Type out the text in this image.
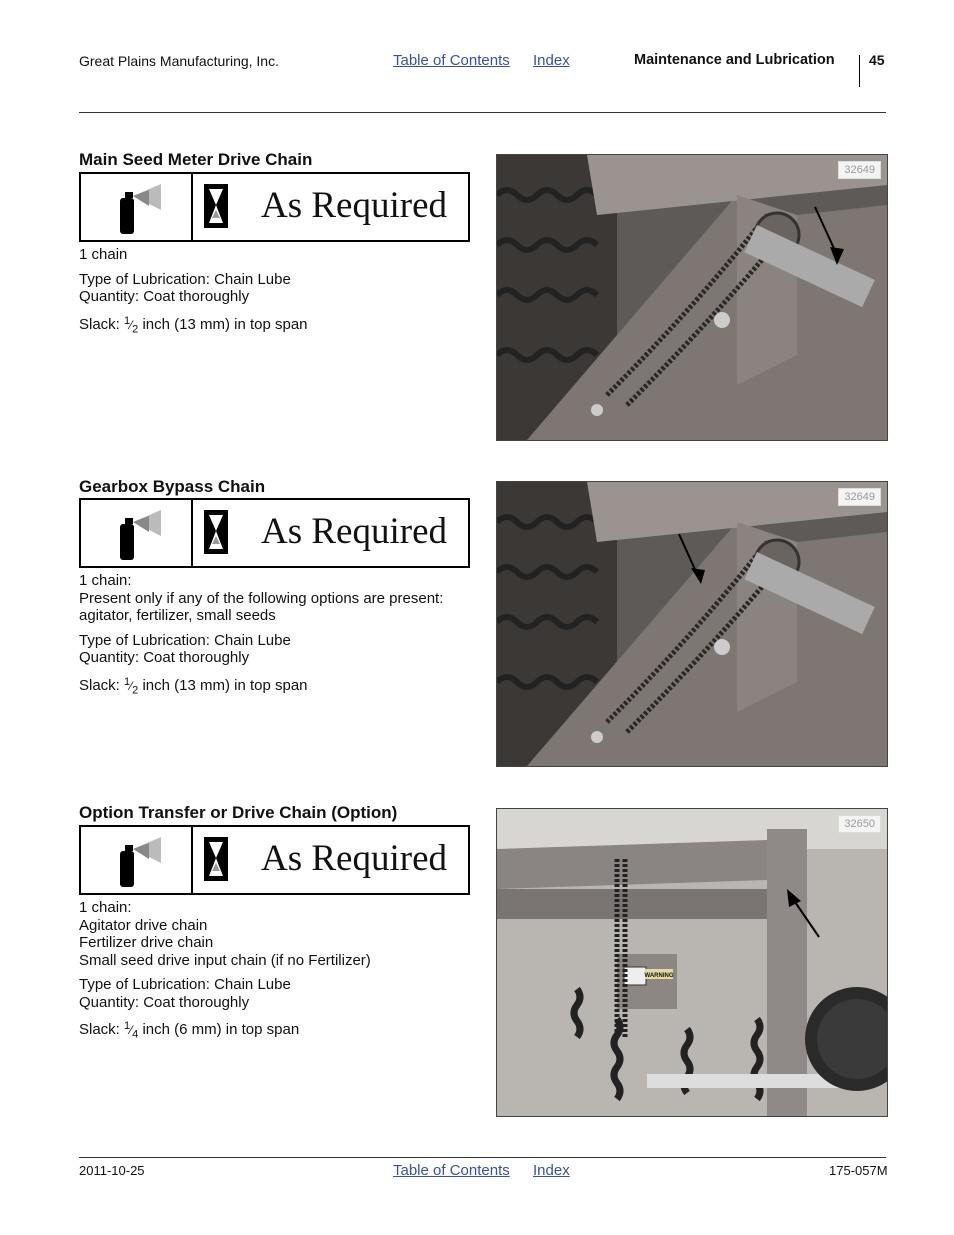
Great Plains Manufacturing, Inc.	Table of Contents Index	Maintenance and Lubrication 45
Main Seed Meter Drive Chain
As Required
1 chain
Type of Lubrication: Chain Lube
Quantity: Coat thoroughly
Slack: $^1⁄_2$ inch (13 mm) in top span
32649
Gearbox Bypass Chain
As Required
1 chain:
Present only if any of the following options are present:
agitator, fertilizer, small seeds
Type of Lubrication: Chain Lube
Quantity: Coat thoroughly
Slack: $^1⁄_2$ inch (13 mm) in top span
32649
Option Transfer or Drive Chain (Option)
As Required
1 chain:
Agitator drive chain
Fertilizer drive chain
Small seed drive input chain (if no Fertilizer)
Type of Lubrication: Chain Lube
Quantity: Coat thoroughly
Slack: $^1⁄_4$ inch (6 mm) in top span
WARNING
32650
2011-10-25	Table of Contents Index	175-057M
